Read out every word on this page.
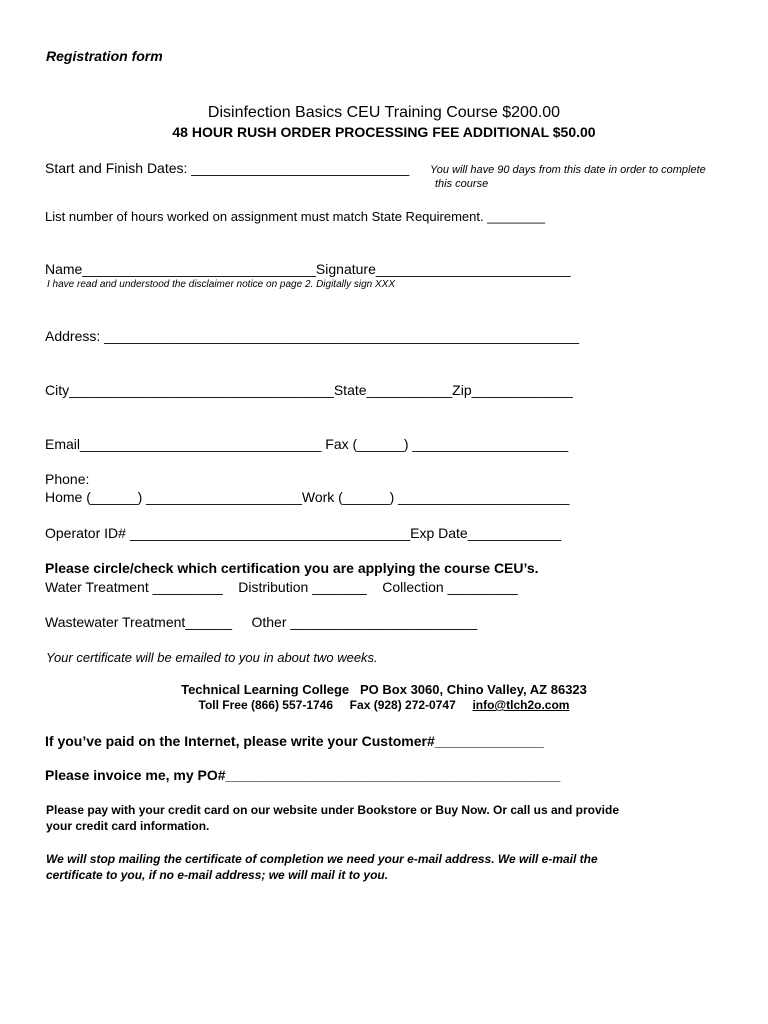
Registration form
Disinfection Basics CEU Training Course $200.00
48 HOUR RUSH ORDER PROCESSING FEE ADDITIONAL $50.00
Start and Finish Dates: ____________________________ You will have 90 days from this date in order to complete
this course
List number of hours worked on assignment must match State Requirement. ________
Name______________________________Signature_________________________
I have read and understood the disclaimer notice on page 2. Digitally sign XXX
Address: _____________________________________________________________
City__________________________________State___________Zip_____________
Email_______________________________ Fax (______) ____________________
Phone:
Home (______) ____________________Work (______) ______________________
Operator ID# ____________________________________Exp Date____________
Please circle/check which certification you are applying the course CEU’s.
Water Treatment _________    Distribution _______    Collection _________
Wastewater Treatment______     Other ________________________
Your certificate will be emailed to you in about two weeks.
Technical Learning College   PO Box 3060, Chino Valley, AZ 86323
Toll Free (866) 557-1746     Fax (928) 272-0747     info@tlch2o.com
If you’ve paid on the Internet, please write your Customer#______________
Please invoice me, my PO#___________________________________________
Please pay with your credit card on our website under Bookstore or Buy Now. Or call us and provide
your credit card information.
We will stop mailing the certificate of completion we need your e-mail address. We will e-mail the
certificate to you, if no e-mail address; we will mail it to you.
